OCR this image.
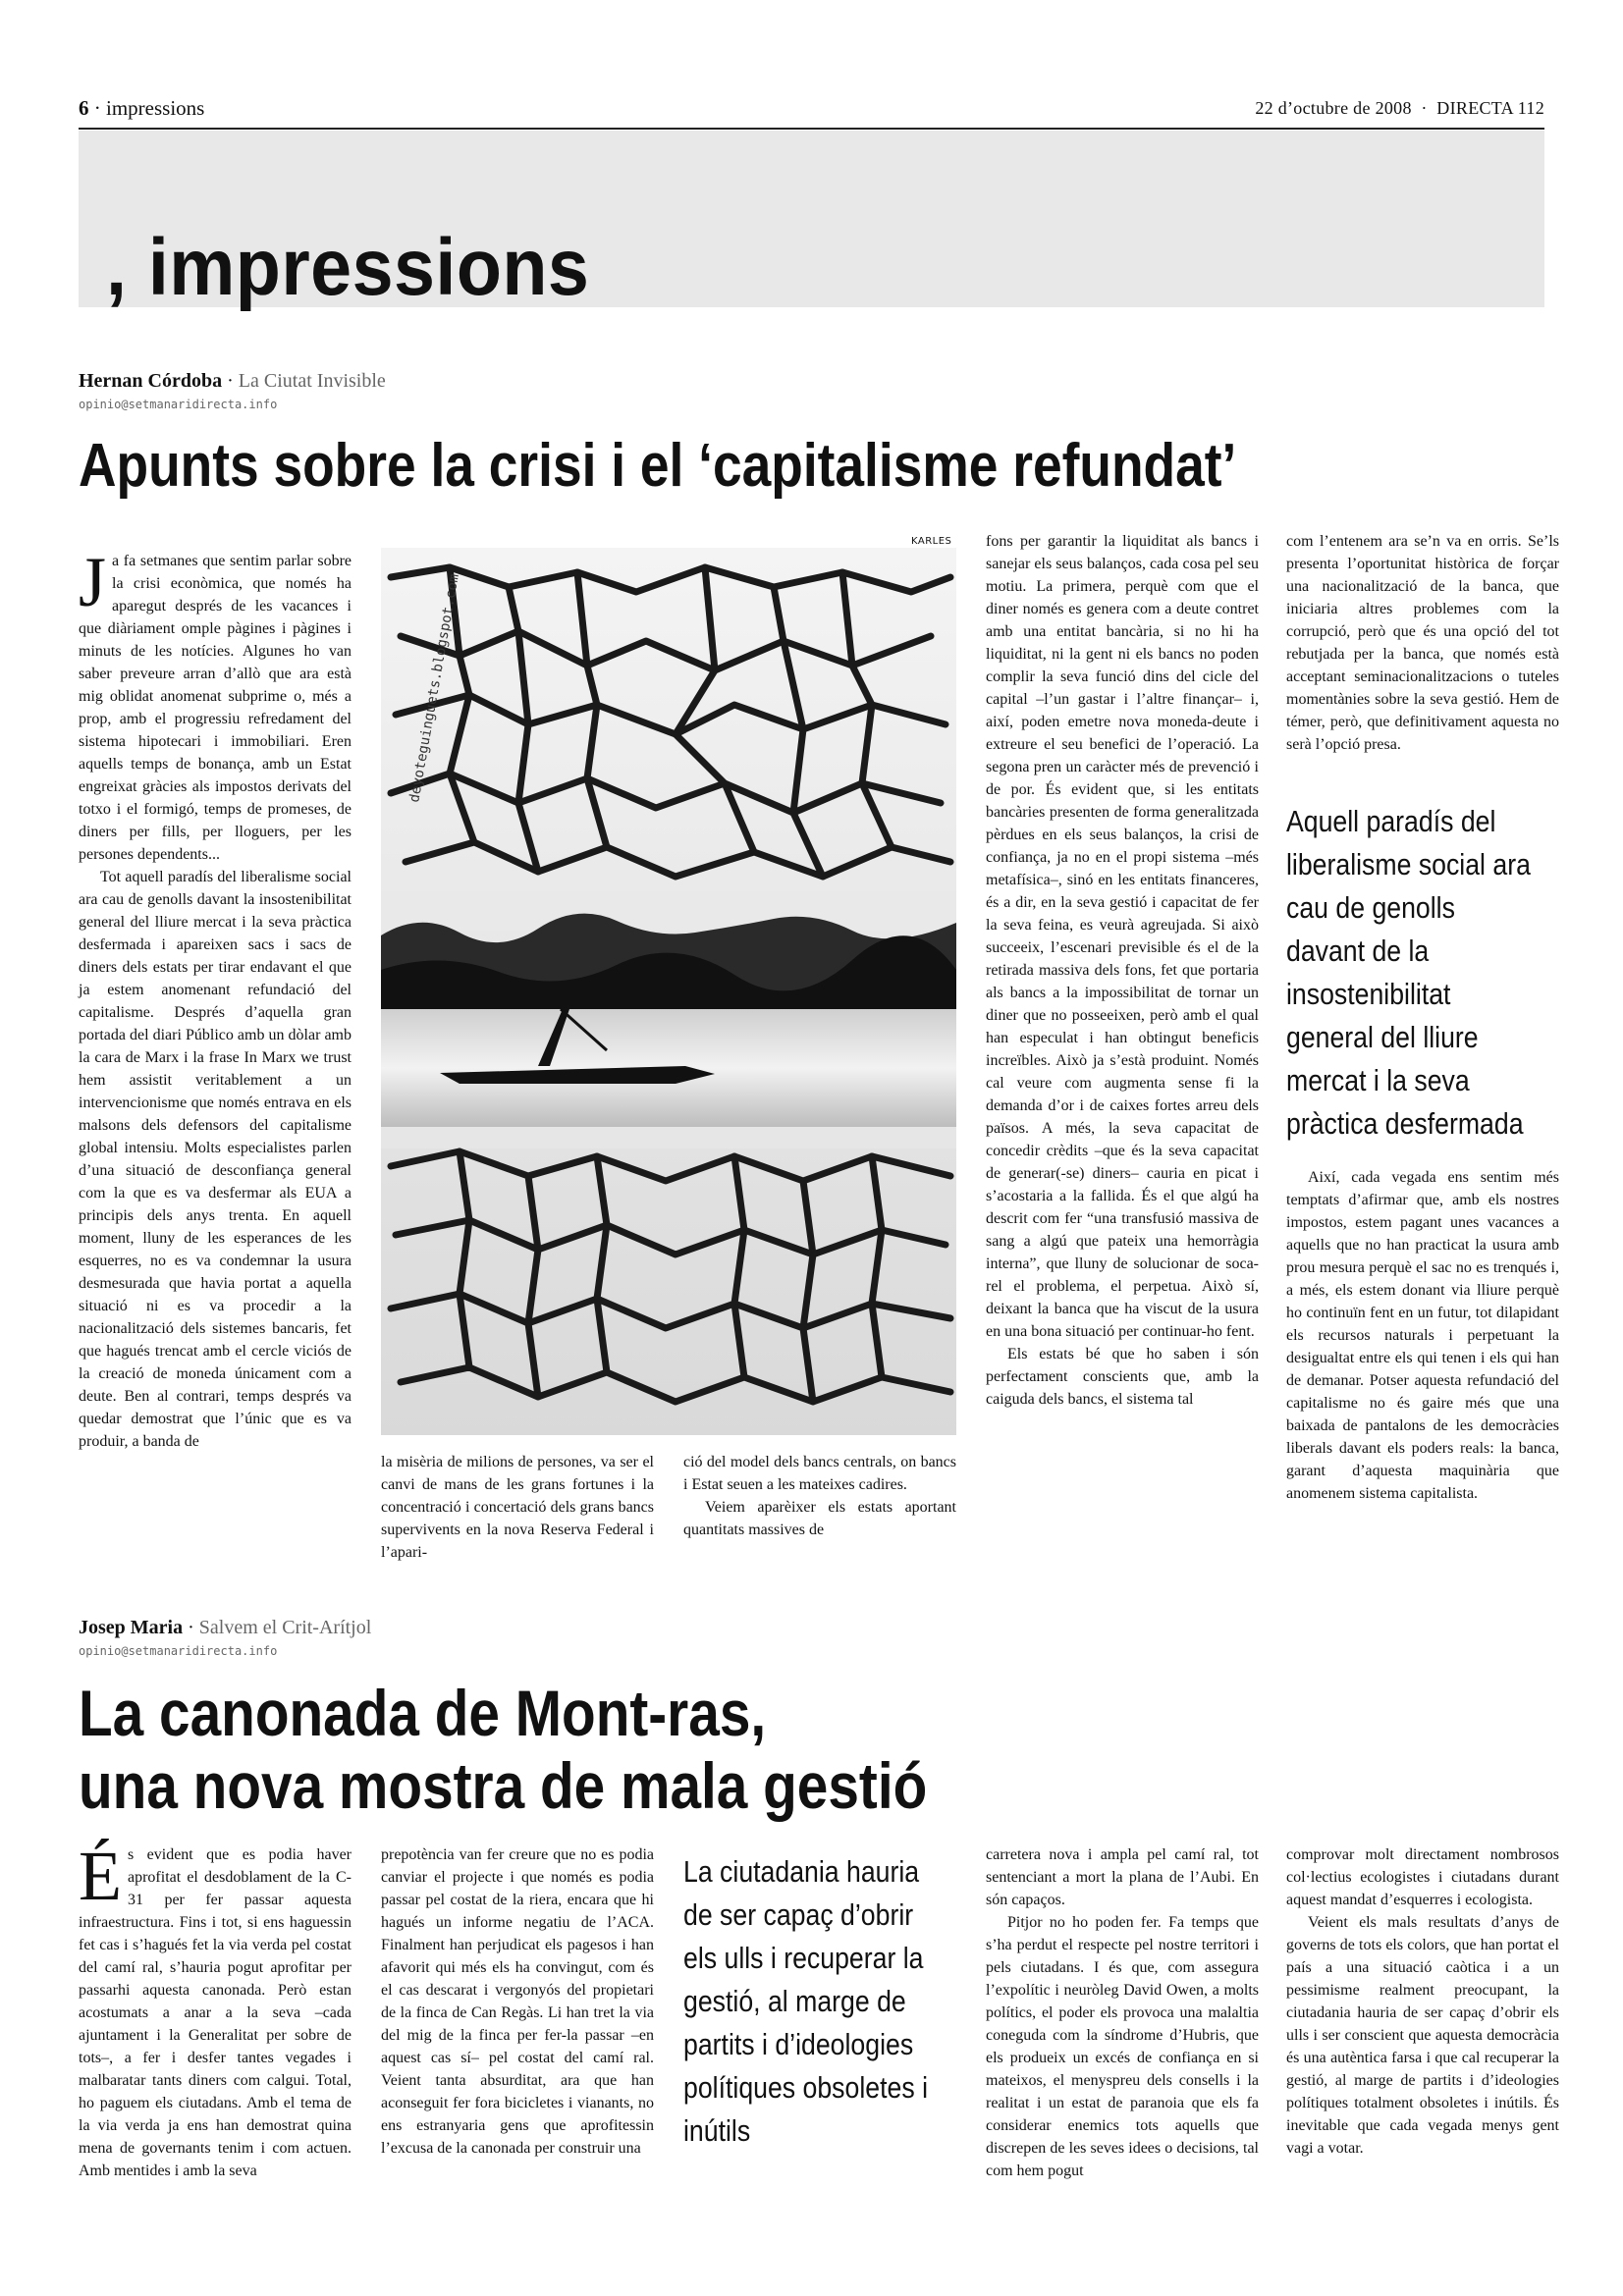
6 · impressions	22 d’octubre de 2008 · DIRECTA 112
, impressions
Hernan Córdoba · La Ciutat Invisible
opinio@setmanaridirecta.info
Apunts sobre la crisi i el ‘capitalisme refundat’

Ja fa setmanes que sentim parlar sobre la crisi econòmica, que només ha aparegut després de les vacances i que diàriament omple pàgines i pàgines i minuts de les notícies. Algunes ho van saber preveure arran d’allò que ara està mig oblidat anomenat subprime o, més a prop, amb el progressiu refredament del sistema hipotecari i immobiliari. Eren aquells temps de bonança, amb un Estat engreixat gràcies als impostos derivats del totxo i el formigó, temps de promeses, de diners per fills, per lloguers, per les persones dependents...

Tot aquell paradís del liberalisme social ara cau de genolls davant la insostenibilitat general del lliure mercat i la seva pràctica desfermada i apareixen sacs i sacs de diners dels estats per tirar endavant el que ja estem anomenant refundació del capitalisme. Després d’aquella gran portada del diari Público amb un dòlar amb la cara de Marx i la frase In Marx we trust hem assistit veritablement a un intervencionisme que només entrava en els malsons dels defensors del capitalisme global intensiu. Molts especialistes parlen d’una situació de desconfiança general com la que es va desfermar als EUA a principis dels anys trenta. En aquell moment, lluny de les esperances de les esquerres, no es va condemnar la usura desmesurada que havia portat a aquella situació ni es va procedir a la nacionalització dels sistemes bancaris, fet que hagués trencat amb el cercle viciós de la creació de moneda únicament com a deute. Ben al contrari, temps després va quedar demostrat que l’únic que es va produir, a banda de

KARLES
deyoteguinguets.blogspot.com

la misèria de milions de persones, va ser el canvi de mans de les grans fortunes i la concentració i concertació dels grans bancs supervivents en la nova Reserva Federal i l’apari-

ció del model dels bancs centrals, on bancs i Estat seuen a les mateixes cadires.

Veiem aparèixer els estats aportant quantitats massives de

fons per garantir la liquiditat als bancs i sanejar els seus balanços, cada cosa pel seu motiu. La primera, perquè com que el diner només es genera com a deute contret amb una entitat bancària, si no hi ha liquiditat, ni la gent ni els bancs no poden complir la seva funció dins del cicle del capital –l’un gastar i l’altre finançar– i, així, poden emetre nova moneda-deute i extreure el seu benefici de l’operació. La segona pren un caràcter més de prevenció i de por. És evident que, si les entitats bancàries presenten de forma generalitzada pèrdues en els seus balanços, la crisi de confiança, ja no en el propi sistema –més metafísica–, sinó en les entitats financeres, és a dir, en la seva gestió i capacitat de fer la seva feina, es veurà agreujada. Si això succeeix, l’escenari previsible és el de la retirada massiva dels fons, fet que portaria als bancs a la impossibilitat de tornar un diner que no posseeixen, però amb el qual han especulat i han obtingut beneficis increïbles. Això ja s’està produint. Només cal veure com augmenta sense fi la demanda d’or i de caixes fortes arreu dels països. A més, la seva capacitat de concedir crèdits –que és la seva capacitat de generar(-se) diners– cauria en picat i s’acostaria a la fallida. És el que algú ha descrit com fer “una transfusió massiva de sang a algú que pateix una hemorràgia interna”, que lluny de solucionar de soca-rel el problema, el perpetua. Això sí, deixant la banca que ha viscut de la usura en una bona situació per continuar-ho fent.

Els estats bé que ho saben i són perfectament conscients que, amb la caiguda dels bancs, el sistema tal

com l’entenem ara se’n va en orris. Se’ls presenta l’oportunitat històrica de forçar una nacionalització de la banca, que iniciaria altres problemes com la corrupció, però que és una opció del tot rebutjada per la banca, que només està acceptant seminacionalitzacions o tuteles momentànies sobre la seva gestió. Hem de témer, però, que definitivament aquesta no serà l’opció presa.

Aquell paradís del liberalisme social ara cau de genolls davant de la insostenibilitat general del lliure mercat i la seva pràctica desfermada

Així, cada vegada ens sentim més temptats d’afirmar que, amb els nostres impostos, estem pagant unes vacances a aquells que no han practicat la usura amb prou mesura perquè el sac no es trenqués i, a més, els estem donant via lliure perquè ho continuïn fent en un futur, tot dilapidant els recursos naturals i perpetuant la desigualtat entre els qui tenen i els qui han de demanar. Potser aquesta refundació del capitalisme no és gaire més que una baixada de pantalons de les democràcies liberals davant els poders reals: la banca, garant d’aquesta maquinària que anomenem sistema capitalista.

Josep Maria · Salvem el Crit-Arítjol
opinio@setmanaridirecta.info
La canonada de Mont-ras,
una nova mostra de mala gestió

És evident que es podia haver aprofitat el desdoblament de la C-31 per fer passar aquesta infraestructura. Fins i tot, si ens haguessin fet cas i s’hagués fet la via verda pel costat del camí ral, s’hauria pogut aprofitar per passarhi aquesta canonada. Però estan acostumats a anar a la seva –cada ajuntament i la Generalitat per sobre de tots–, a fer i desfer tantes vegades i malbaratar tants diners com calgui. Total, ho paguem els ciutadans. Amb el tema de la via verda ja ens han demostrat quina mena de governants tenim i com actuen. Amb mentides i amb la seva

prepotència van fer creure que no es podia canviar el projecte i que només es podia passar pel costat de la riera, encara que hi hagués un informe negatiu de l’ACA. Finalment han perjudicat els pagesos i han afavorit qui més els ha convingut, com és el cas descarat i vergonyós del propietari de la finca de Can Regàs. Li han tret la via del mig de la finca per fer-la passar –en aquest cas sí– pel costat del camí ral. Veient tanta absurditat, ara que han aconseguit fer fora bicicletes i vianants, no ens estranyaria gens que aprofitessin l’excusa de la canonada per construir una

La ciutadania hauria de ser capaç d’obrir els ulls i recuperar la gestió, al marge de partits i d’ideologies polítiques obsoletes i inútils

carretera nova i ampla pel camí ral, tot sentenciant a mort la plana de l’Aubi. En són capaços.

Pitjor no ho poden fer. Fa temps que s’ha perdut el respecte pel nostre territori i pels ciutadans. I és que, com assegura l’expolític i neuròleg David Owen, a molts polítics, el poder els provoca una malaltia coneguda com la síndrome d’Hubris, que els produeix un excés de confiança en si mateixos, el menyspreu dels consells i la realitat i un estat de paranoia que els fa considerar enemics tots aquells que discrepen de les seves idees o decisions, tal com hem pogut

comprovar molt directament nombrosos col·lectius ecologistes i ciutadans durant aquest mandat d’esquerres i ecologista.

Veient els mals resultats d’anys de governs de tots els colors, que han portat el país a una situació caòtica i a un pessimisme realment preocupant, la ciutadania hauria de ser capaç d’obrir els ulls i ser conscient que aquesta democràcia és una autèntica farsa i que cal recuperar la gestió, al marge de partits i d’ideologies polítiques totalment obsoletes i inútils. És inevitable que cada vegada menys gent vagi a votar.
